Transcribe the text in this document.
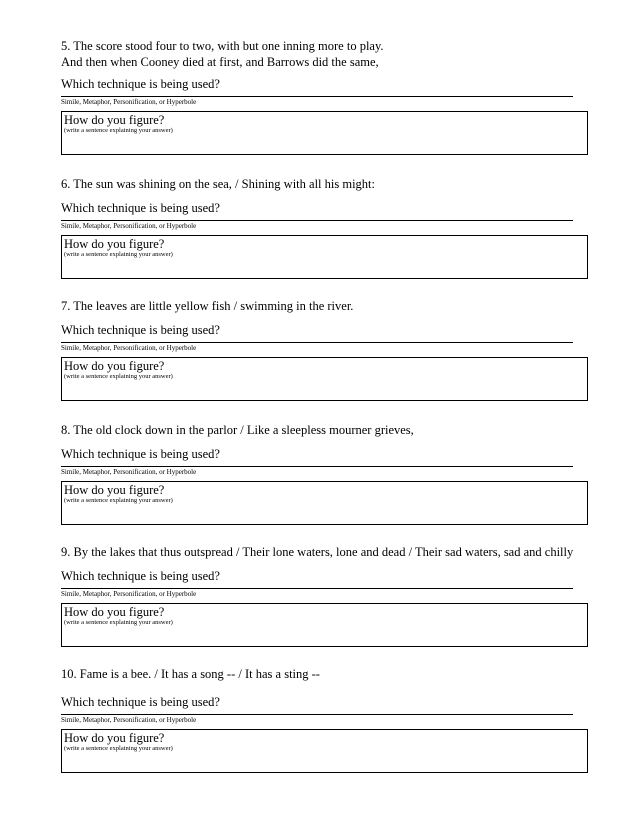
5. The score stood four to two, with but one inning more to play.

And then when Cooney died at first, and Barrows did the same,

Which technique is being used?
Simile, Metaphor, Personification, or Hyperbole
How do you figure?
(write a sentence explaining your answer)

6. The sun was shining on the sea, / Shining with all his might:

Which technique is being used?
Simile, Metaphor, Personification, or Hyperbole
How do you figure?
(write a sentence explaining your answer)

7. The leaves are little yellow fish / swimming in the river.

Which technique is being used?
Simile, Metaphor, Personification, or Hyperbole
How do you figure?
(write a sentence explaining your answer)

8. The old clock down in the parlor / Like a sleepless mourner grieves,

Which technique is being used?
Simile, Metaphor, Personification, or Hyperbole
How do you figure?
(write a sentence explaining your answer)

9. By the lakes that thus outspread / Their lone waters, lone and dead / Their sad waters, sad and chilly

Which technique is being used?
Simile, Metaphor, Personification, or Hyperbole
How do you figure?
(write a sentence explaining your answer)

10. Fame is a bee. / It has a song -- / It has a sting --

Which technique is being used?
Simile, Metaphor, Personification, or Hyperbole
How do you figure?
(write a sentence explaining your answer)
